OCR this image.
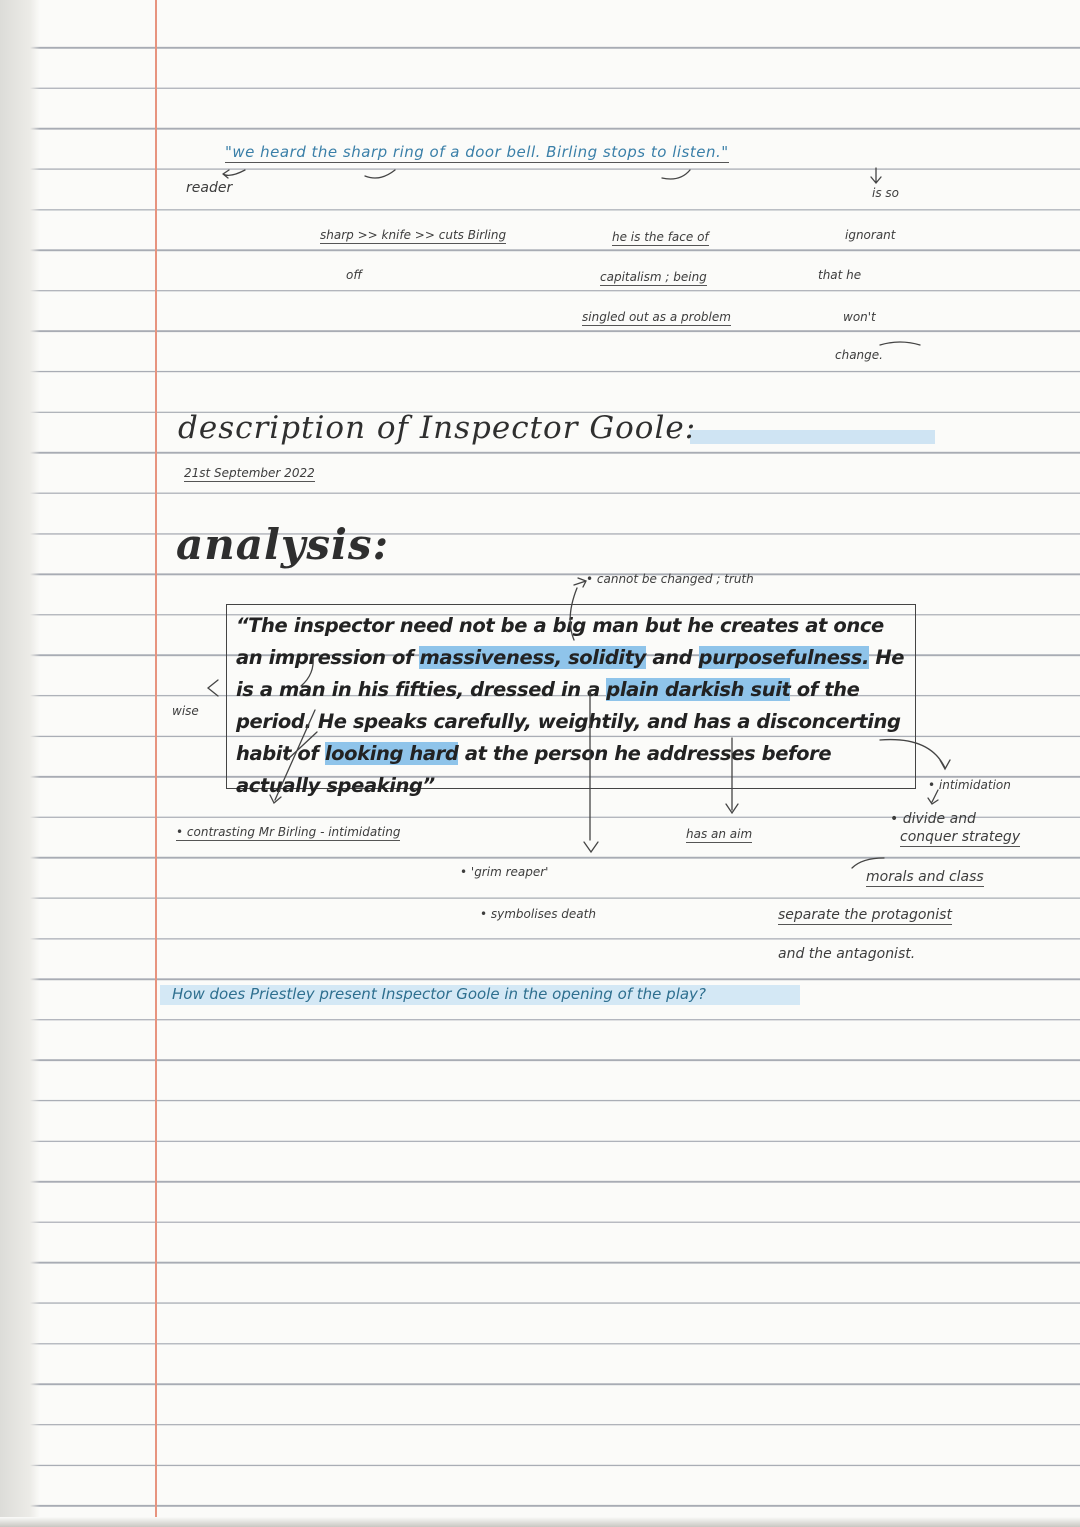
"we heard the sharp ring of a door bell. Birling stops to listen."
reader	is so
sharp >> knife >> cuts Birling
off
he is the face of
capitalism ; being
singled out as a problem
ignorant
that he
won't
change.
description of Inspector Goole:
21st September 2022
analysis:
• cannot be changed ; truth
wise
“The inspector need not be a big man but he creates at once an impression of massiveness, solidity and purposefulness. He is a man in his fifties, dressed in a plain darkish suit of the period. He speaks carefully, weightily, and has a disconcerting habit of looking hard at the person he addresses before actually speaking”	• intimidation
• divide and
conquer strategy
• contrasting Mr Birling - intimidating	has an aim
• 'grim reaper'	morals and class
• symbolises death	separate the protagonist
and the antagonist.
How does Priestley present Inspector Goole in the opening of the play?
